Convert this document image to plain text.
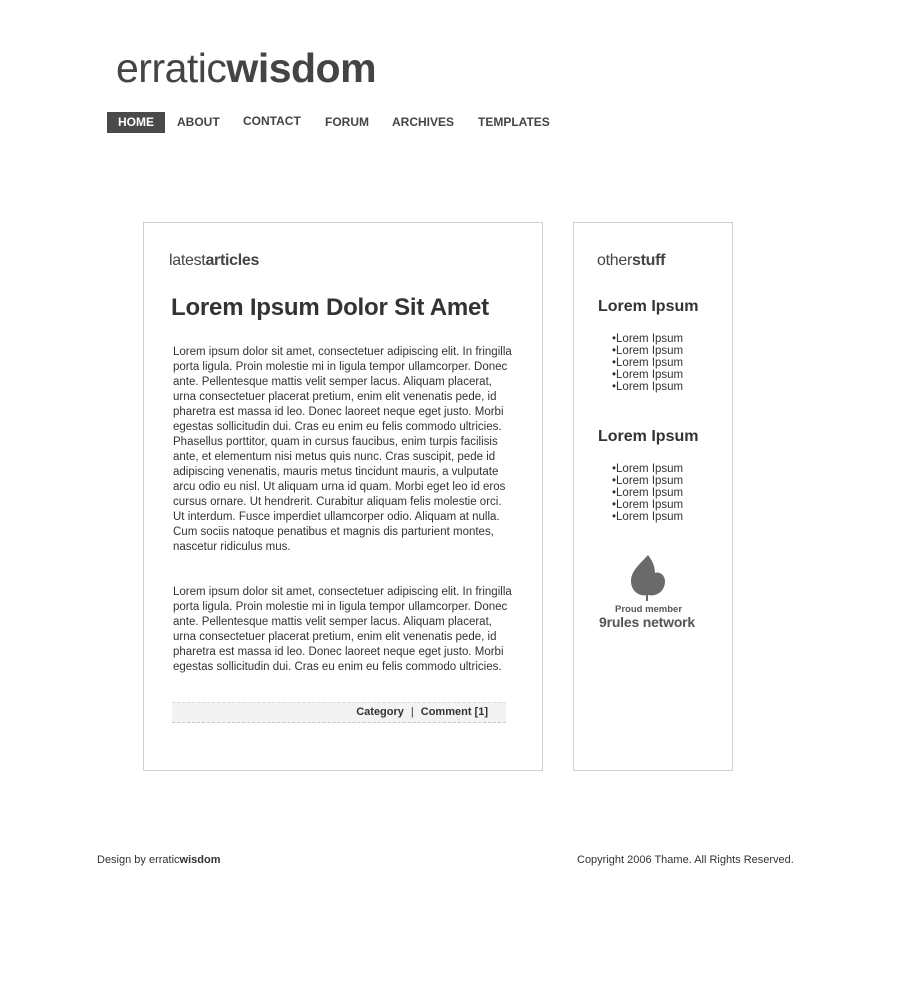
erraticwisdom
HOME	ABOUT CONTACT FORUM ARCHIVES TEMPLATES
latestarticles
Lorem Ipsum Dolor Sit Amet

Lorem ipsum dolor sit amet, consectetuer adipiscing elit. In fringilla porta ligula. Proin molestie mi in ligula tempor ullamcorper. Donec ante. Pellentesque mattis velit semper lacus. Aliquam placerat, urna consectetuer placerat pretium, enim elit venenatis pede, id pharetra est massa id leo. Donec laoreet neque eget justo. Morbi egestas sollicitudin dui. Cras eu enim eu felis commodo ultricies. Phasellus porttitor, quam in cursus faucibus, enim turpis facilisis ante, et elementum nisi metus quis nunc. Cras suscipit, pede id adipiscing venenatis, mauris metus tincidunt mauris, a vulputate arcu odio eu nisl. Ut aliquam urna id quam. Morbi eget leo id eros cursus ornare. Ut hendrerit. Curabitur aliquam felis molestie orci. Ut interdum. Fusce imperdiet ullamcorper odio. Aliquam at nulla. Cum sociis natoque penatibus et magnis dis parturient montes, nascetur ridiculus mus.

Lorem ipsum dolor sit amet, consectetuer adipiscing elit. In fringilla porta ligula. Proin molestie mi in ligula tempor ullamcorper. Donec ante. Pellentesque mattis velit semper lacus. Aliquam placerat, urna consectetuer placerat pretium, enim elit venenatis pede, id pharetra est massa id leo. Donec laoreet neque eget justo. Morbi egestas sollicitudin dui. Cras eu enim eu felis commodo ultricies.

Category | Comment [1]
otherstuff
Lorem Ipsum
• Lorem Ipsum
• Lorem Ipsum
• Lorem Ipsum
• Lorem Ipsum
• Lorem Ipsum
Lorem Ipsum
• Lorem Ipsum
• Lorem Ipsum
• Lorem Ipsum
• Lorem Ipsum
• Lorem Ipsum
Proud member
9rules network
Design by erraticwisdom	Copyright 2006 Thame. All Rights Reserved.
